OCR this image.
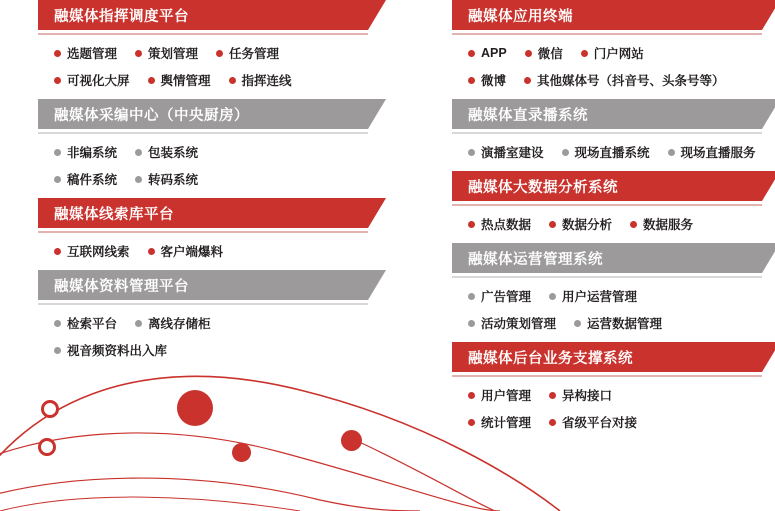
融媒体指挥调度平台
选题管理 策划管理 任务管理
可视化大屏 舆情管理 指挥连线
融媒体采编中心（中央厨房）
非编系统 包装系统
稿件系统 转码系统
融媒体线索库平台
互联网线索 客户端爆料
融媒体资料管理平台
检索平台 离线存储柜
视音频资料出入库
融媒体应用终端
APP 微信 门户网站
微博 其他媒体号（抖音号、头条号等）
融媒体直录播系统
演播室建设 现场直播系统 现场直播服务
融媒体大数据分析系统
热点数据 数据分析 数据服务
融媒体运营管理系统
广告管理 用户运营管理
活动策划管理 运营数据管理
融媒体后台业务支撑系统
用户管理 异构接口
统计管理 省级平台对接
